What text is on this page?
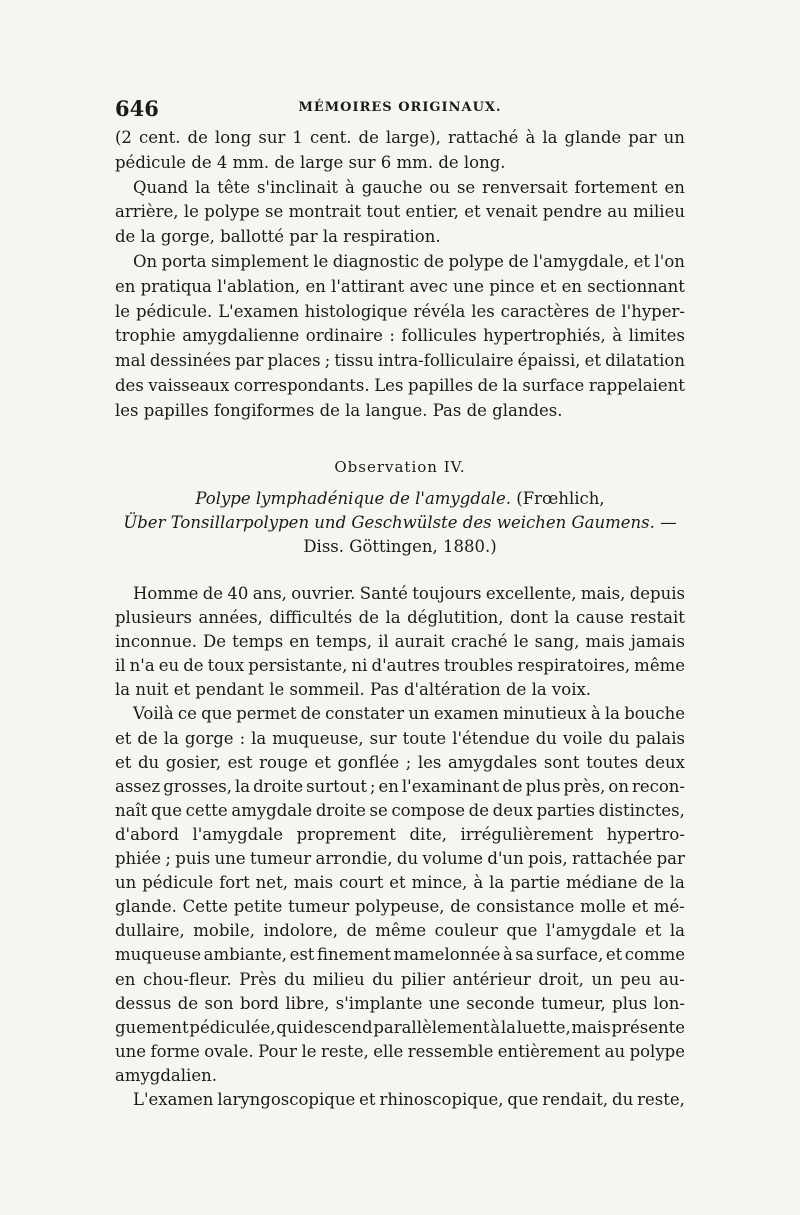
646	MÉMOIRES ORIGINAUX.
(2 cent. de long sur 1 cent. de large), rattaché à la glande par un
pédicule de 4 mm. de large sur 6 mm. de long.
Quand la tête s'inclinait à gauche ou se renversait fortement en
arrière, le polype se montrait tout entier, et venait pendre au milieu
de la gorge, ballotté par la respiration.
On porta simplement le diagnostic de polype de l'amygdale, et l'on
en pratiqua l'ablation, en l'attirant avec une pince et en sectionnant
le pédicule. L'examen histologique révéla les caractères de l'hyper-
trophie amygdalienne ordinaire : follicules hypertrophiés, à limites
mal dessinées par places ; tissu intra-folliculaire épaissi, et dilatation
des vaisseaux correspondants. Les papilles de la surface rappelaient
les papilles fongiformes de la langue. Pas de glandes.
Observation IV.
Polype lymphadénique de l'amygdale. (Frœhlich,
Über Tonsillarpolypen und Geschwülste des weichen Gaumens. —
Diss. Göttingen, 1880.)
Homme de 40 ans, ouvrier. Santé toujours excellente, mais, depuis
plusieurs années, difficultés de la déglutition, dont la cause restait
inconnue. De temps en temps, il aurait craché le sang, mais jamais
il n'a eu de toux persistante, ni d'autres troubles respiratoires, même
la nuit et pendant le sommeil. Pas d'altération de la voix.
Voilà ce que permet de constater un examen minutieux à la bouche
et de la gorge : la muqueuse, sur toute l'étendue du voile du palais
et du gosier, est rouge et gonflée ; les amygdales sont toutes deux
assez grosses, la droite surtout ; en l'examinant de plus près, on recon-
naît que cette amygdale droite se compose de deux parties distinctes,
d'abord l'amygdale proprement dite, irrégulièrement hypertro-
phiée ; puis une tumeur arrondie, du volume d'un pois, rattachée par
un pédicule fort net, mais court et mince, à la partie médiane de la
glande. Cette petite tumeur polypeuse, de consistance molle et mé-
dullaire, mobile, indolore, de même couleur que l'amygdale et la
muqueuse ambiante, est finement mamelonnée à sa surface, et comme
en chou-fleur. Près du milieu du pilier antérieur droit, un peu au-
dessus de son bord libre, s'implante une seconde tumeur, plus lon-
guement pédiculée, qui descend parallèlement à la luette, mais présente
une forme ovale. Pour le reste, elle ressemble entièrement au polype
amygdalien.
L'examen laryngoscopique et rhinoscopique, que rendait, du reste,
